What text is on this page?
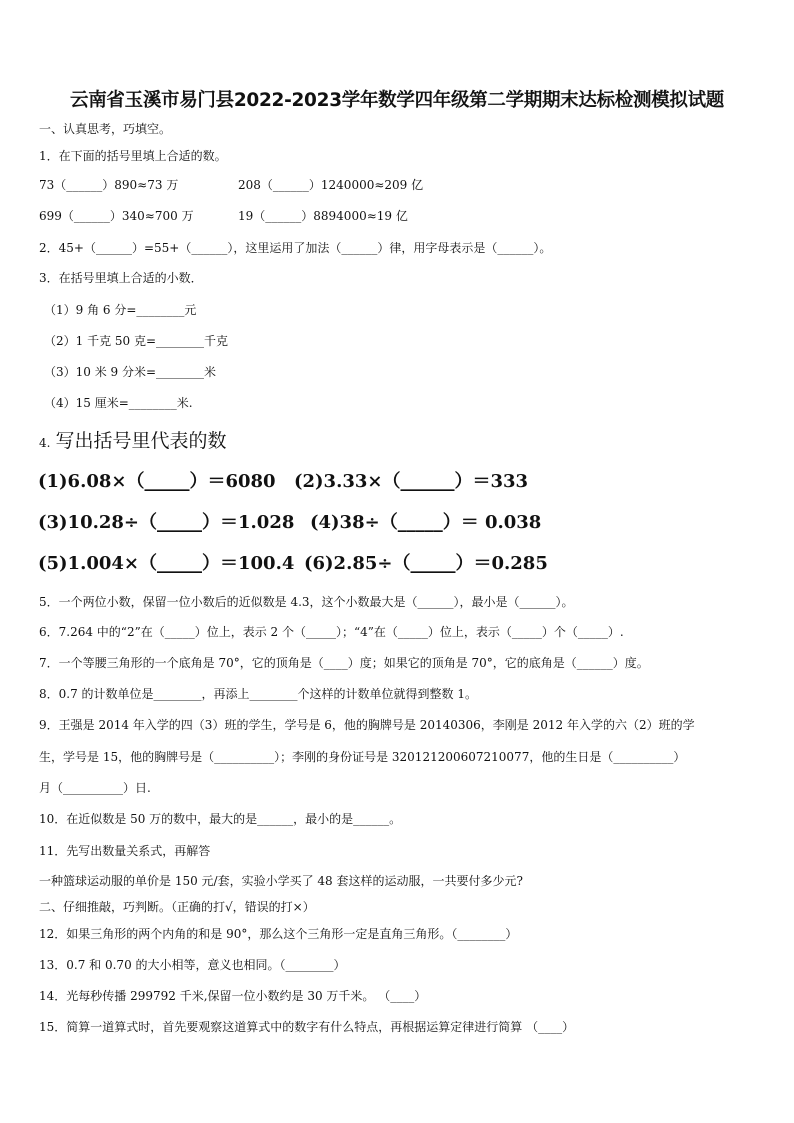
云南省玉溪市易门县2022-2023学年数学四年级第二学期期末达标检测模拟试题
一、认真思考，巧填空。
1．在下面的括号里填上合适的数。
73（______）890≈73 万	208（______）1240000≈209 亿
699（______）340≈700 万	19（______）8894000≈19 亿
2．45+（______）=55+（______），这里运用了加法（______）律，用字母表示是（______）。
3．在括号里填上合适的小数．
（1）9 角 6 分=________元
（2）1 千克 50 克=________千克
（3）10 米 9 分米=________米
（4）15 厘米=________米.
4. 写出括号里代表的数
(1)6.08×（_____）＝6080 (2)3.33×（______）＝333
(3)10.28÷（_____）＝1.028 (4)38÷（_____）＝ 0.038
(5)1.004×（_____）＝100.4 (6)2.85÷（_____）＝0.285
5．一个两位小数，保留一位小数后的近似数是 4.3，这个小数最大是（______），最小是（______）。
6．7.264 中的“2”在（_____）位上，表示 2 个（_____）；“4”在（_____）位上，表示（_____）个（_____）.
7．一个等腰三角形的一个底角是 70°，它的顶角是（____）度；如果它的顶角是 70°，它的底角是（______）度。
8．0.7 的计数单位是________，再添上________个这样的计数单位就得到整数 1。
9．王强是 2014 年入学的四（3）班的学生，学号是 6，他的胸牌号是 20140306，李刚是 2012 年入学的六（2）班的学
生，学号是 15，他的胸牌号是（__________）；李刚的身份证号是 320121200607210077，他的生日是（__________）
月（__________）日.
10．在近似数是 50 万的数中，最大的是______，最小的是______。
11．先写出数量关系式，再解答
一种篮球运动服的单价是 150 元/套，实验小学买了 48 套这样的运动服，一共要付多少元?
二、仔细推敲，巧判断。（正确的打√，错误的打×）
12．如果三角形的两个内角的和是 90°，那么这个三角形一定是直角三角形。（________）
13．0.7 和 0.70 的大小相等，意义也相同。（________）
14．光每秒传播 299792 千米,保留一位小数约是 30 万千米。 （____）
15．简算一道算式时，首先要观察这道算式中的数字有什么特点，再根据运算定律进行简算 （____）
